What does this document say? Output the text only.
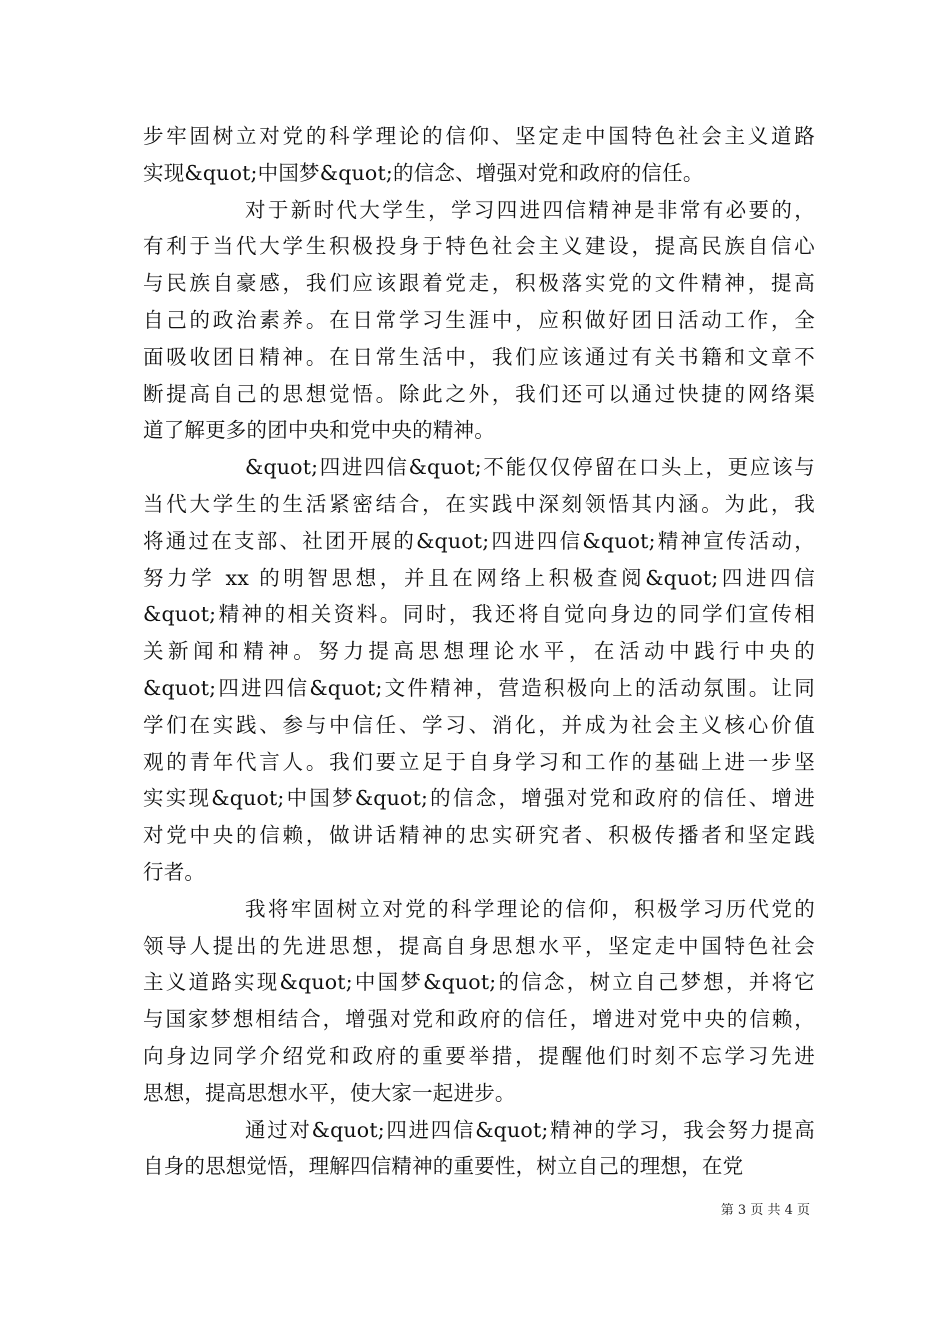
步牢固树立对党的科学理论的信仰、坚定走中国特色社会主义道路
实现&quot;中国梦&quot;的信念、增强对党和政府的信任。
对于新时代大学生，学习四进四信精神是非常有必要的，
有利于当代大学生积极投身于特色社会主义建设，提高民族自信心
与民族自豪感，我们应该跟着党走，积极落实党的文件精神，提高
自己的政治素养。在日常学习生涯中，应积做好团日活动工作，全
面吸收团日精神。在日常生活中，我们应该通过有关书籍和文章不
断提高自己的思想觉悟。除此之外，我们还可以通过快捷的网络渠
道了解更多的团中央和党中央的精神。
&quot;四进四信&quot;不能仅仅停留在口头上，更应该与
当代大学生的生活紧密结合，在实践中深刻领悟其内涵。为此，我
将通过在支部、社团开展的&quot;四进四信&quot;精神宣传活动，
努力学 xx 的明智思想，并且在网络上积极查阅&quot;四进四信
&quot;精神的相关资料。同时，我还将自觉向身边的同学们宣传相
关新闻和精神。努力提高思想理论水平，在活动中践行中央的
&quot;四进四信&quot;文件精神，营造积极向上的活动氛围。让同
学们在实践、参与中信任、学习、消化，并成为社会主义核心价值
观的青年代言人。我们要立足于自身学习和工作的基础上进一步坚
实实现&quot;中国梦&quot;的信念，增强对党和政府的信任、增进
对党中央的信赖，做讲话精神的忠实研究者、积极传播者和坚定践
行者。
我将牢固树立对党的科学理论的信仰，积极学习历代党的
领导人提出的先进思想，提高自身思想水平，坚定走中国特色社会
主义道路实现&quot;中国梦&quot;的信念，树立自己梦想，并将它
与国家梦想相结合，增强对党和政府的信任，增进对党中央的信赖，
向身边同学介绍党和政府的重要举措，提醒他们时刻不忘学习先进
思想，提高思想水平，使大家一起进步。
通过对&quot;四进四信&quot;精神的学习，我会努力提高
自身的思想觉悟，理解四信精神的重要性，树立自己的理想，在党
第 3 页 共 4 页
